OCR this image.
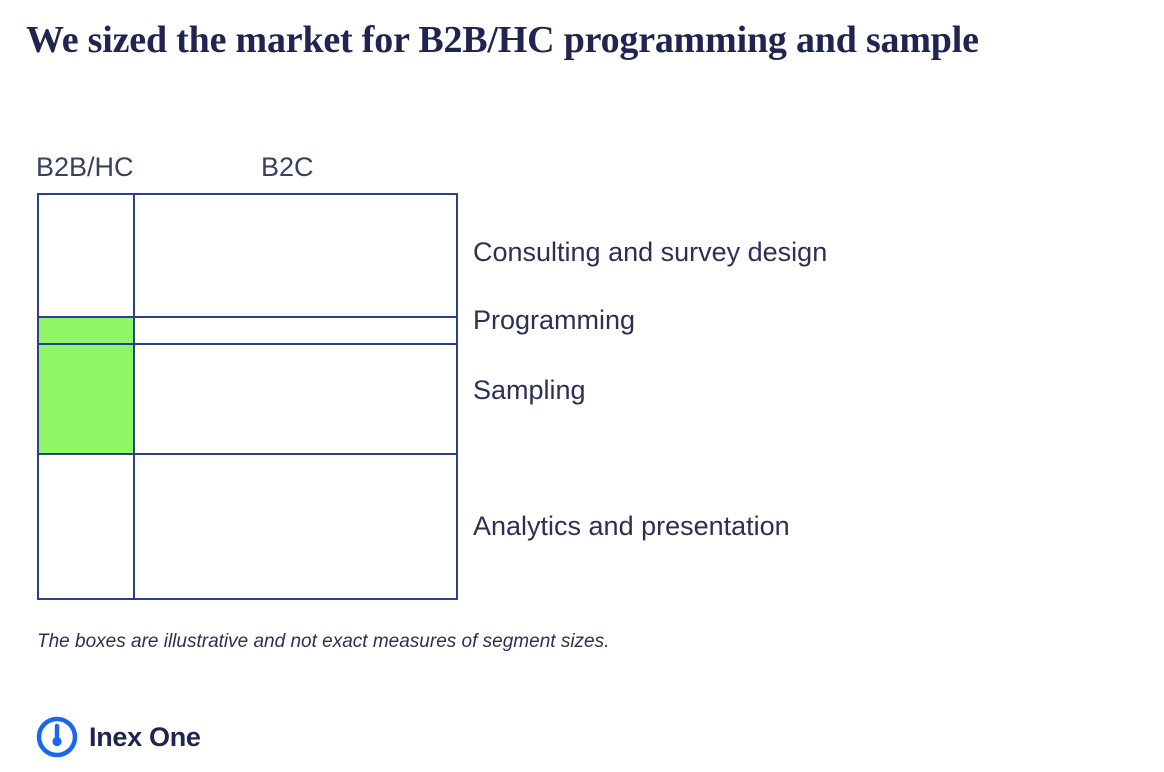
We sized the market for B2B/HC programming and sample
B2B/HC	B2C
Consulting and survey design
Programming
Sampling
Analytics and presentation
The boxes are illustrative and not exact measures of segment sizes.
Inex One
